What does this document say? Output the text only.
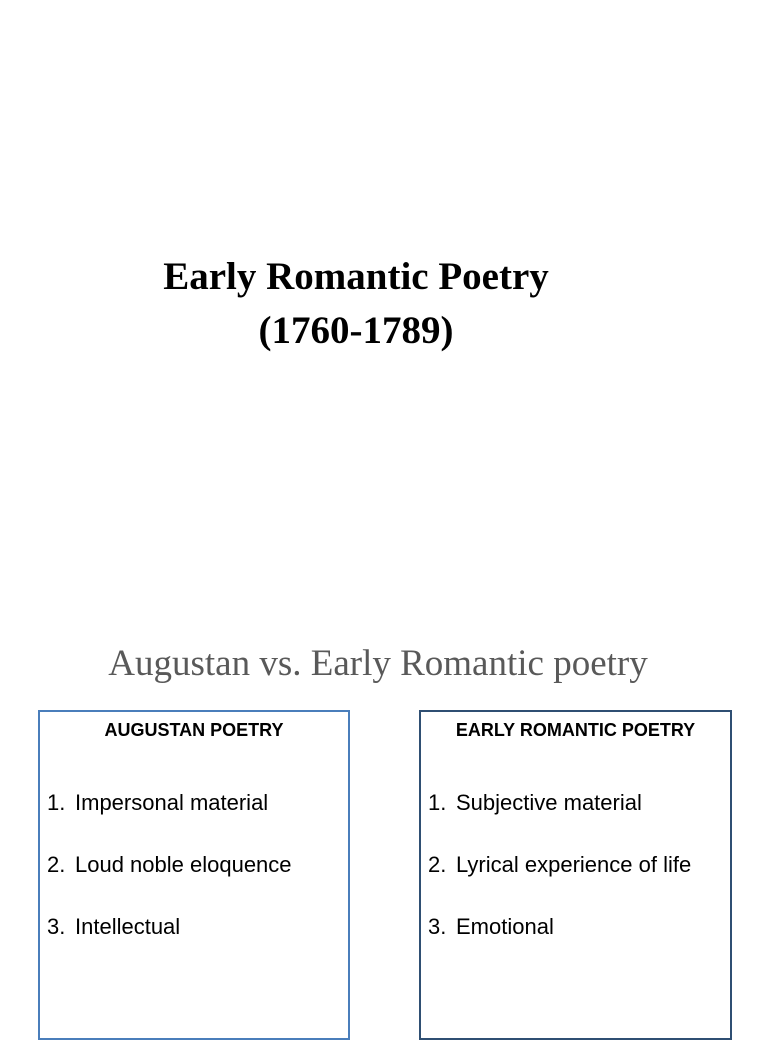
Early Romantic Poetry
(1760-1789)
Augustan vs. Early Romantic poetry
AUGUSTAN POETRY
1. Impersonal material
2. Loud noble eloquence
3. Intellectual
EARLY ROMANTIC POETRY
1. Subjective material
2. Lyrical experience of life
3. Emotional
